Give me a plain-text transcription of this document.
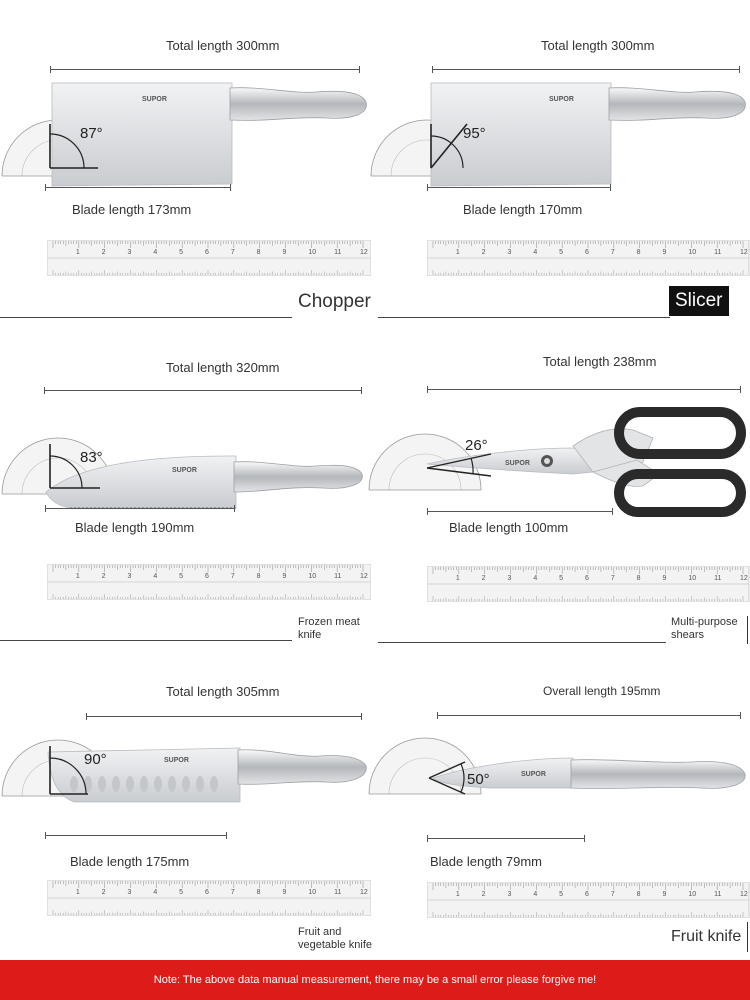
Total length 300mm
SUPOR
87°
Blade length 173mm
1	2	3	4	5	6	7	8	9	10	11	12
Chopper
Total length 300mm
SUPOR
95°
Blade length 170mm
1	2	3	4	5	6	7	8	9	10	11	12
Slicer
Total length 320mm
SUPOR
83°
Blade length 190mm
1	2	3	4	5	6	7	8	9	10	11	12
Frozen meat knife
Total length 238mm
SUPOR
26°
Blade length 100mm
1	2	3	4	5	6	7	8	9	10	11	12
Multi-purpose shears
Total length 305mm
SUPOR
90°
Blade length 175mm
1	2	3	4	5	6	7	8	9	10	11	12
Fruit and vegetable knife
Overall length 195mm
SUPOR
50°
Blade length 79mm
1	2	3	4	5	6	7	8	9	10	11	12
Fruit knife
Note: The above data manual measurement, there may be a small error please forgive me!
